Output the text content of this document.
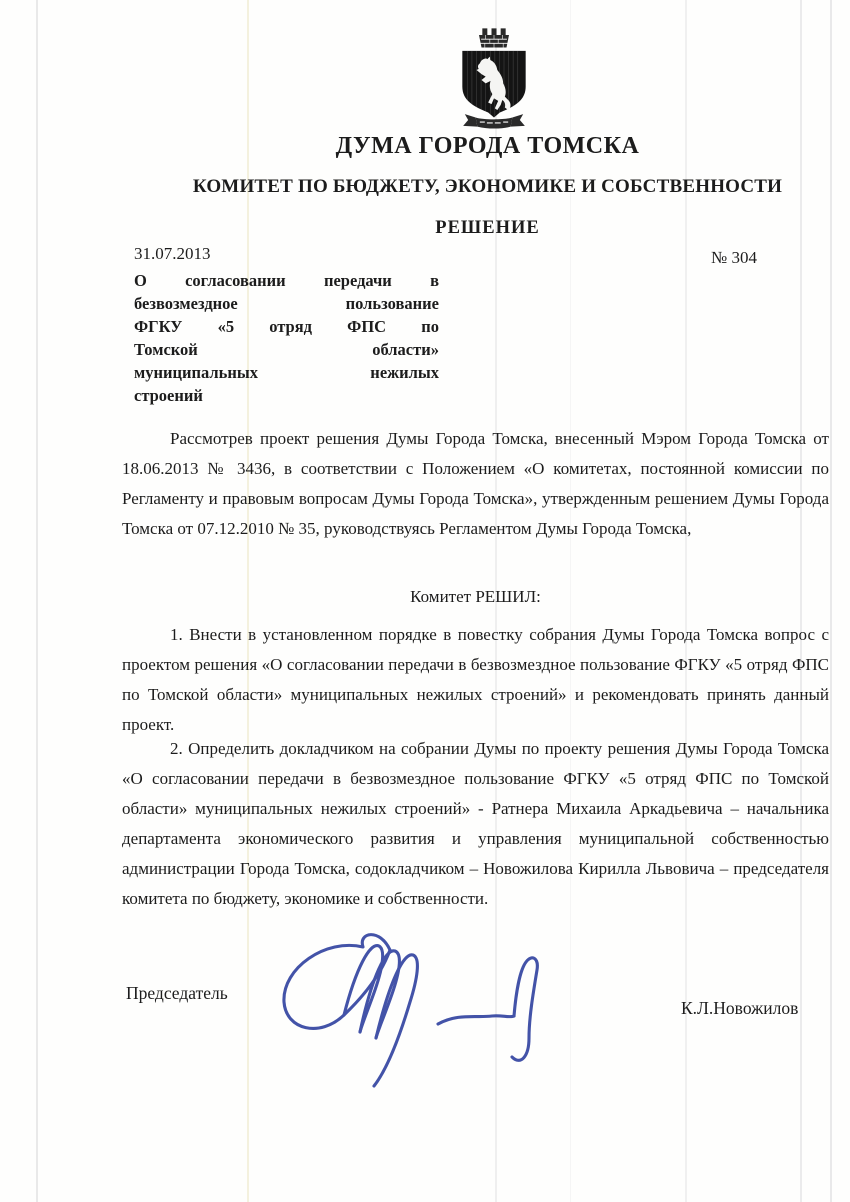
ДУМА ГОРОДА ТОМСКА
КОМИТЕТ ПО БЮДЖЕТУ, ЭКОНОМИКЕ И СОБСТВЕННОСТИ
РЕШЕНИЕ
31.07.2013	№ 304
О согласовании передачи в
безвозмездное пользование
ФГКУ «5 отряд ФПС по
Томской области»
муниципальных нежилых
строений

Рассмотрев проект решения Думы Города Томска, внесенный Мэром Города Томска от 18.06.2013 № 3436, в соответствии с Положением «О комитетах, постоянной комиссии по Регламенту и правовым вопросам Думы Города Томска», утвержденным решением Думы Города Томска от 07.12.2010 № 35, руководствуясь Регламентом Думы Города Томска,

Комитет РЕШИЛ:

1. Внести в установленном порядке в повестку собрания Думы Города Томска вопрос с проектом решения «О согласовании передачи в безвозмездное пользование ФГКУ «5 отряд ФПС по Томской области» муниципальных нежилых строений» и рекомендовать принять данный проект.

2. Определить докладчиком на собрании Думы по проекту решения Думы Города Томска «О согласовании передачи в безвозмездное пользование ФГКУ «5 отряд ФПС по Томской области» муниципальных нежилых строений» - Ратнера Михаила Аркадьевича – начальника департамента экономического развития и управления муниципальной собственностью администрации Города Томска, содокладчиком – Новожилова Кирилла Львовича – председателя комитета по бюджету, экономике и собственности.

Председатель
К.Л.Новожилов
